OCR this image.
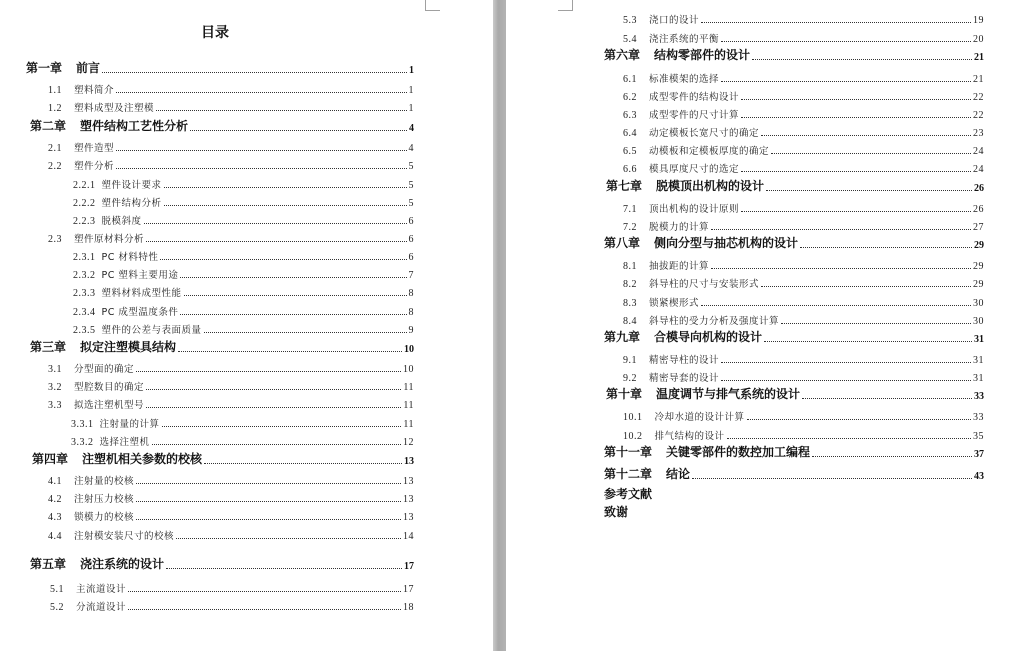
目录
第一章 前言	1
1.1 塑料简介	1
1.2 塑料成型及注塑模	1
第二章 塑件结构工艺性分析	4
2.1 塑件造型	4
2.2 塑件分析	5
2.2.1 塑件设计要求	5
2.2.2 塑件结构分析	5
2.2.3 脱模斜度	6
2.3 塑件原材料分析	6
2.3.1 PC 材料特性	6
2.3.2 PC 塑料主要用途	7
2.3.3 塑料材料成型性能	8
2.3.4 PC 成型温度条件	8
2.3.5 塑件的公差与表面质量	9
第三章 拟定注塑模具结构	10
3.1 分型面的确定	10
3.2 型腔数目的确定	11
3.3 拟选注塑机型号	11
3.3.1 注射量的计算	11
3.3.2 选择注塑机	12
第四章 注塑机相关参数的校核	13
4.1 注射量的校核	13
4.2 注射压力校核	13
4.3 锁模力的校核	13
4.4 注射模安装尺寸的校核	14
第五章 浇注系统的设计	17
5.1 主流道设计	17
5.2 分流道设计	18
5.3 浇口的设计	19
5.4 浇注系统的平衡	20
第六章 结构零部件的设计	21
6.1 标准模架的选择	21
6.2 成型零件的结构设计	22
6.3 成型零件的尺寸计算	22
6.4 动定模板长宽尺寸的确定	23
6.5 动模板和定模板厚度的确定	24
6.6 模具厚度尺寸的选定	24
第七章 脱模顶出机构的设计	26
7.1 顶出机构的设计原则	26
7.2 脱模力的计算	27
第八章 侧向分型与抽芯机构的设计	29
8.1 抽拔距的计算	29
8.2 斜导柱的尺寸与安装形式	29
8.3 锁紧楔形式	30
8.4 斜导柱的受力分析及强度计算	30
第九章 合模导向机构的设计	31
9.1 精密导柱的设计	31
9.2 精密导套的设计	31
第十章 温度调节与排气系统的设计	33
10.1 冷却水道的设计计算	33
10.2 排气结构的设计	35
第十一章 关键零部件的数控加工编程	37
第十二章 结论	43
参考文献
致谢
